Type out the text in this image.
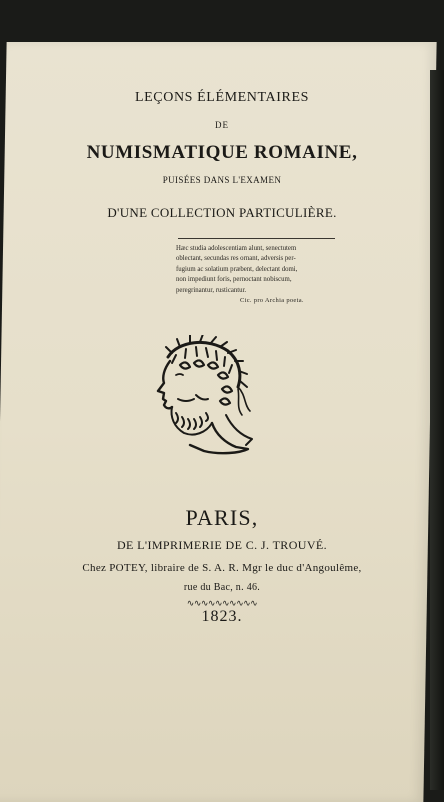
LEÇONS ÉLÉMENTAIRES
DE
NUMISMATIQUE ROMAINE,
PUISÉES DANS L'EXAMEN
D'UNE COLLECTION PARTICULIÈRE.
Hæc studia adolescentiam alunt, senectutem
oblectant, secundas res ornant, adversis per-
fugium ac solatium præbent, delectant domi,
non impediunt foris, pernoctant nobiscum,
peregrinantur, rusticantur.
Cic. pro Archia poeta.
PARIS,
DE L'IMPRIMERIE DE C. J. TROUVÉ.
Chez POTEY, libraire de S. A. R. Mgr le duc d'Angoulême,
rue du Bac, n. 46.
∿∿∿∿∿∿∿∿∿∿
1823.
